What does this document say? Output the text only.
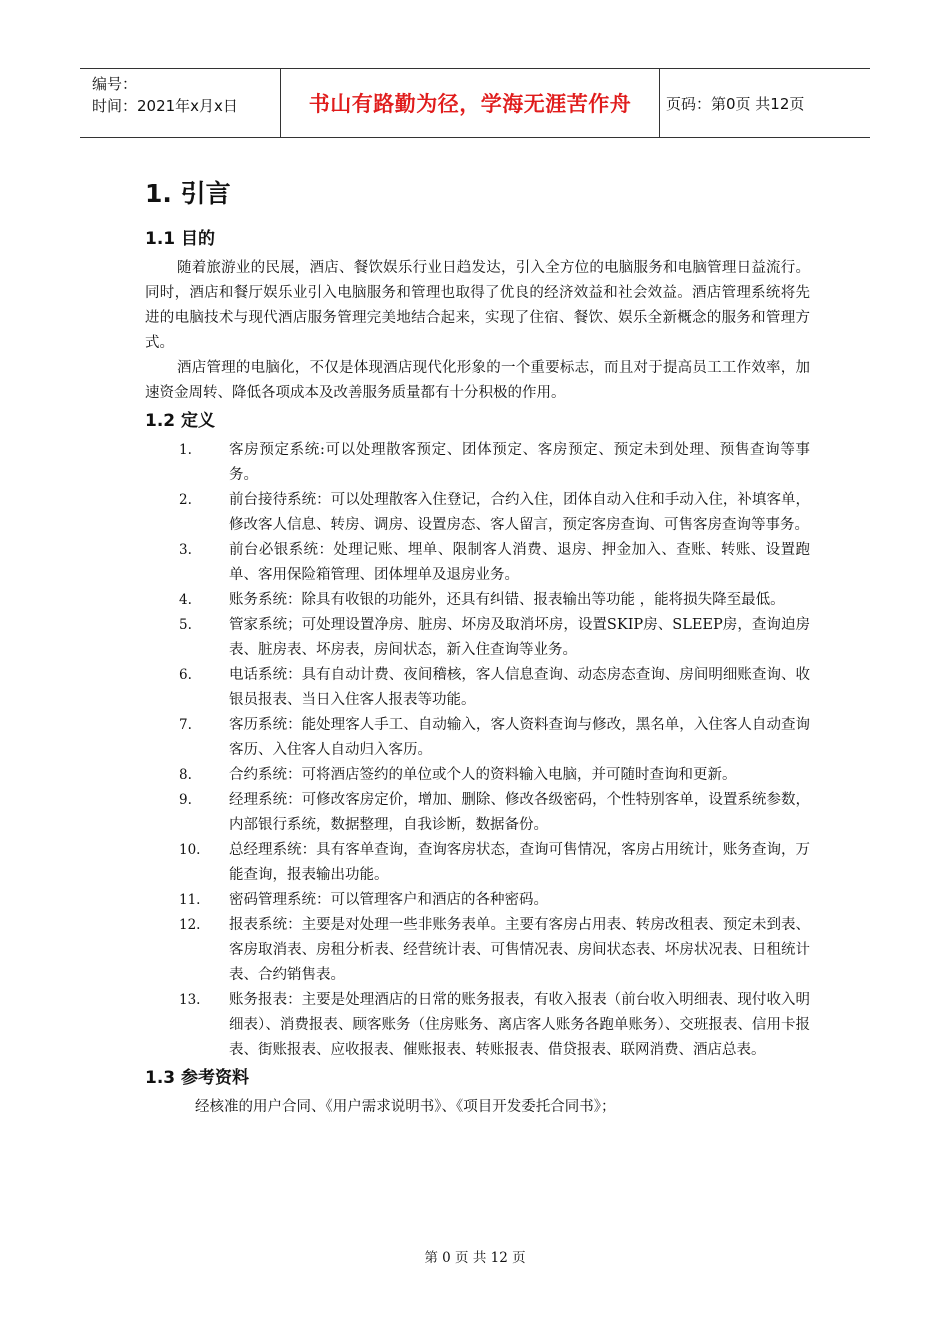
编号：
时间：2021年x月x日	书山有路勤为径，学海无涯苦作舟	页码：第0页 共12页
1. 引言
1.1 目的

随着旅游业的民展，酒店、餐饮娱乐行业日趋发达，引入全方位的电脑服务和电脑管理日益流行。同时，酒店和餐厅娱乐业引入电脑服务和管理也取得了优良的经济效益和社会效益。酒店管理系统将先进的电脑技术与现代酒店服务管理完美地结合起来，实现了住宿、餐饮、娱乐全新概念的服务和管理方式。

酒店管理的电脑化，不仅是体现酒店现代化形象的一个重要标志，而且对于提高员工工作效率，加速资金周转、降低各项成本及改善服务质量都有十分积极的作用。

1.2 定义
1.	客房预定系统:可以处理散客预定、团体预定、客房预定、预定未到处理、预售查询等事务。
2.	前台接待系统：可以处理散客入住登记，合约入住，团体自动入住和手动入住，补填客单，修改客人信息、转房、调房、设置房态、客人留言，预定客房查询、可售客房查询等事务。
3.	前台必银系统：处理记账、埋单、限制客人消费、退房、押金加入、查账、转账、设置跑单、客用保险箱管理、团体埋单及退房业务。
4.	账务系统：除具有收银的功能外，还具有纠错、报表输出等功能 ，能将损失降至最低。
5.	管家系统；可处理设置净房、脏房、坏房及取消坏房，设置SKIP房、SLEEP房，查询迫房表、脏房表、坏房表，房间状态，新入住查询等业务。
6.	电话系统：具有自动计费、夜间稽核，客人信息查询、动态房态查询、房间明细账查询、收银员报表、当日入住客人报表等功能。
7.	客历系统：能处理客人手工、自动输入，客人资料查询与修改，黑名单，入住客人自动查询客历、入住客人自动归入客历。
8.	合约系统：可将酒店签约的单位或个人的资料输入电脑，并可随时查询和更新。
9.	经理系统：可修改客房定价，增加、删除、修改各级密码，个性特别客单，设置系统参数，内部银行系统，数据整理，自我诊断，数据备份。
10.	总经理系统：具有客单查询，查询客房状态，查询可售情况，客房占用统计，账务查询，万能查询，报表输出功能。
11.	密码管理系统：可以管理客户和酒店的各种密码。
12.	报表系统：主要是对处理一些非账务表单。主要有客房占用表、转房改租表、预定未到表、客房取消表、房租分析表、经营统计表、可售情况表、房间状态表、坏房状况表、日租统计表、合约销售表。
13.	账务报表：主要是处理酒店的日常的账务报表，有收入报表（前台收入明细表、现付收入明细表）、消费报表、顾客账务（住房账务、离店客人账务各跑单账务）、交班报表、信用卡报表、街账报表、应收报表、催账报表、转账报表、借贷报表、联网消费、酒店总表。
1.3 参考资料

经核准的用户合同、《用户需求说明书》、《项目开发委托合同书》；

第 0 页 共 12 页
